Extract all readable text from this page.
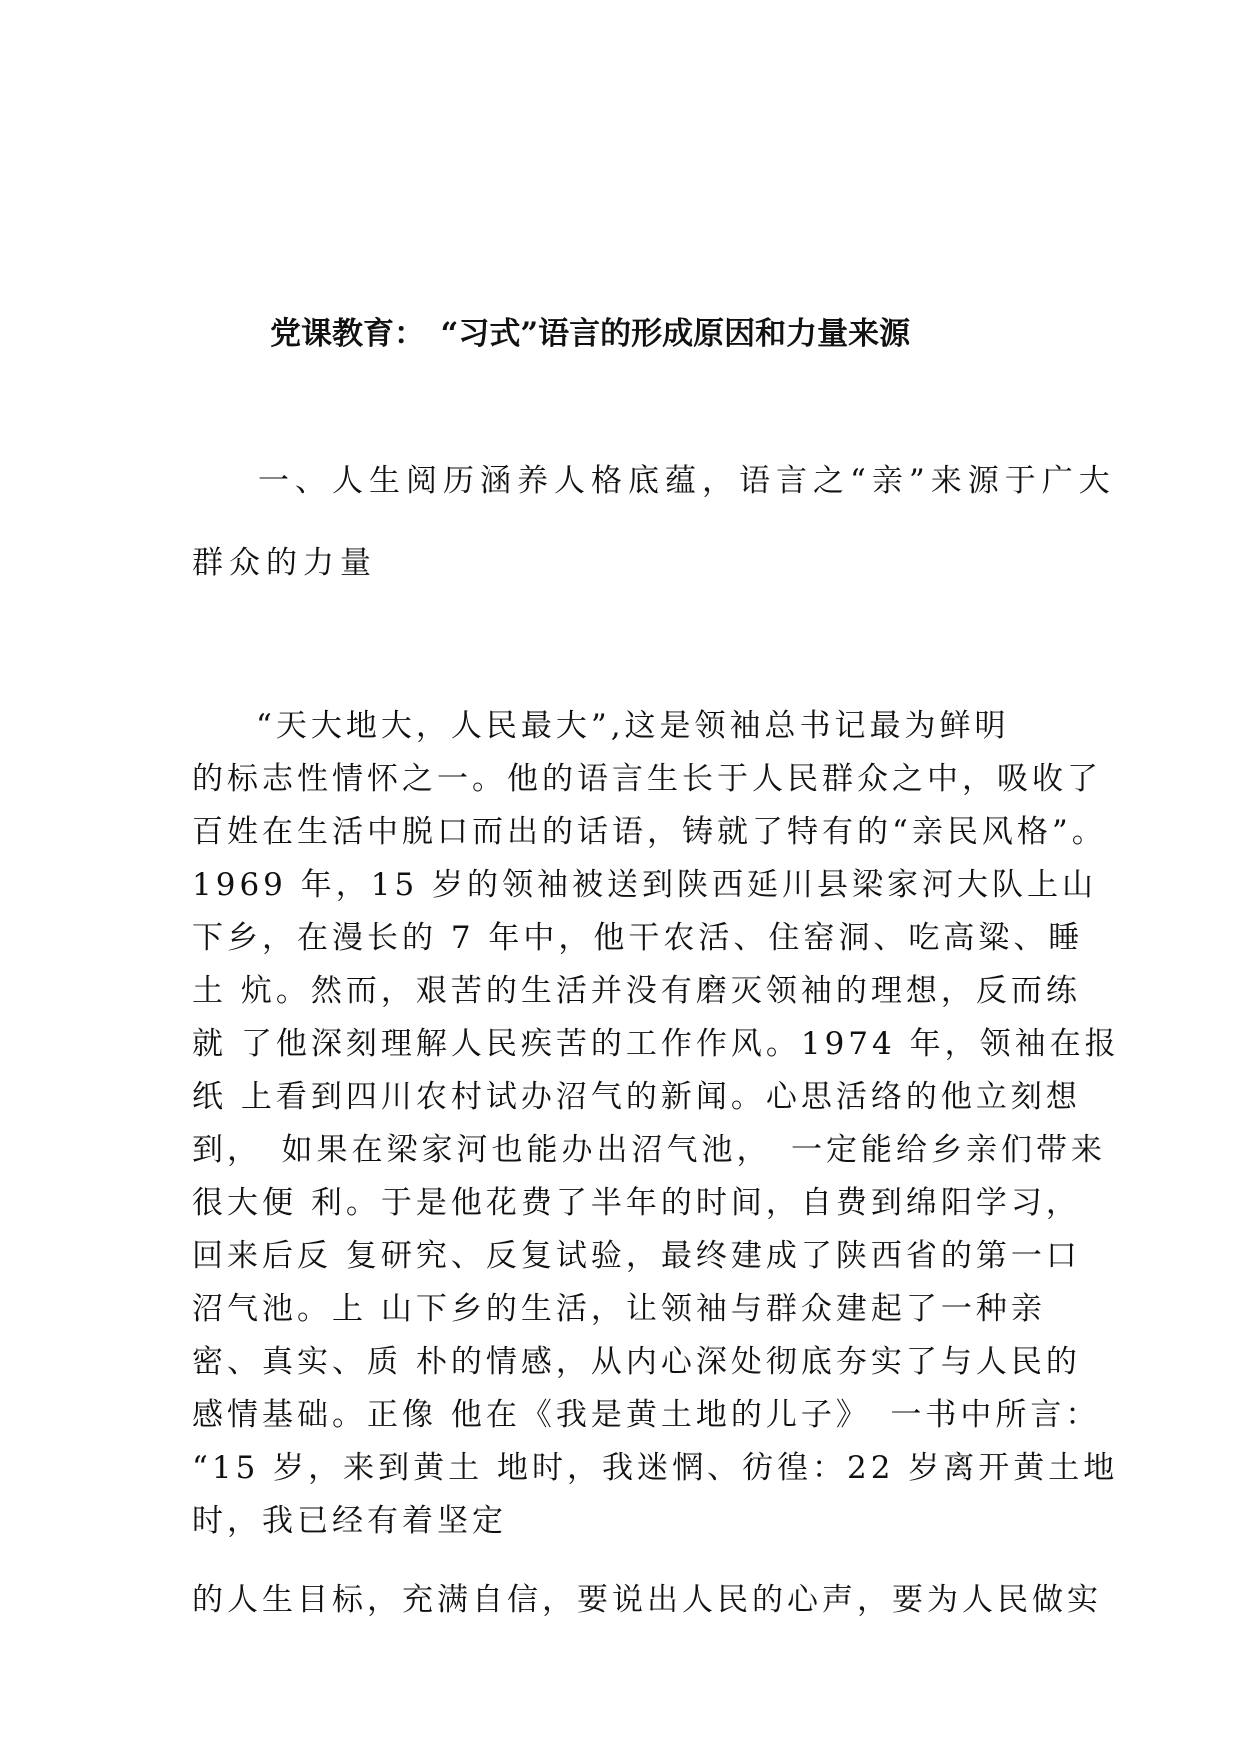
党课教育：　“习式”语言的形成原因和力量来源
一、人生阅历涵养人格底蕴，语言之“亲”来源于广大
群众的力量
“天大地大，人民最大”,这是领袖总书记最为鲜明
的标志性情怀之一。他的语言生长于人民群众之中，吸收了
百姓在生活中脱口而出的话语，铸就了特有的“亲民风格”。
1969 年，15 岁的领袖被送到陕西延川县梁家河大队上山
下乡，在漫长的 7 年中，他干农活、住窑洞、吃高粱、睡
土 炕。然而，艰苦的生活并没有磨灭领袖的理想，反而练
就 了他深刻理解人民疾苦的工作作风。1974 年，领袖在报
纸 上看到四川农村试办沼气的新闻。心思活络的他立刻想
到，　如果在梁家河也能办出沼气池，　一定能给乡亲们带来
很大便 利。于是他花费了半年的时间，自费到绵阳学习，
回来后反 复研究、反复试验，最终建成了陕西省的第一口
沼气池。上 山下乡的生活，让领袖与群众建起了一种亲
密、真实、质 朴的情感，从内心深处彻底夯实了与人民的
感情基础。正像 他在《我是黄土地的儿子》　一书中所言：
“15 岁，来到黄土 地时，我迷惘、彷徨：22 岁离开黄土地
时，我已经有着坚定
的人生目标，充满自信，要说出人民的心声，要为人民做实
